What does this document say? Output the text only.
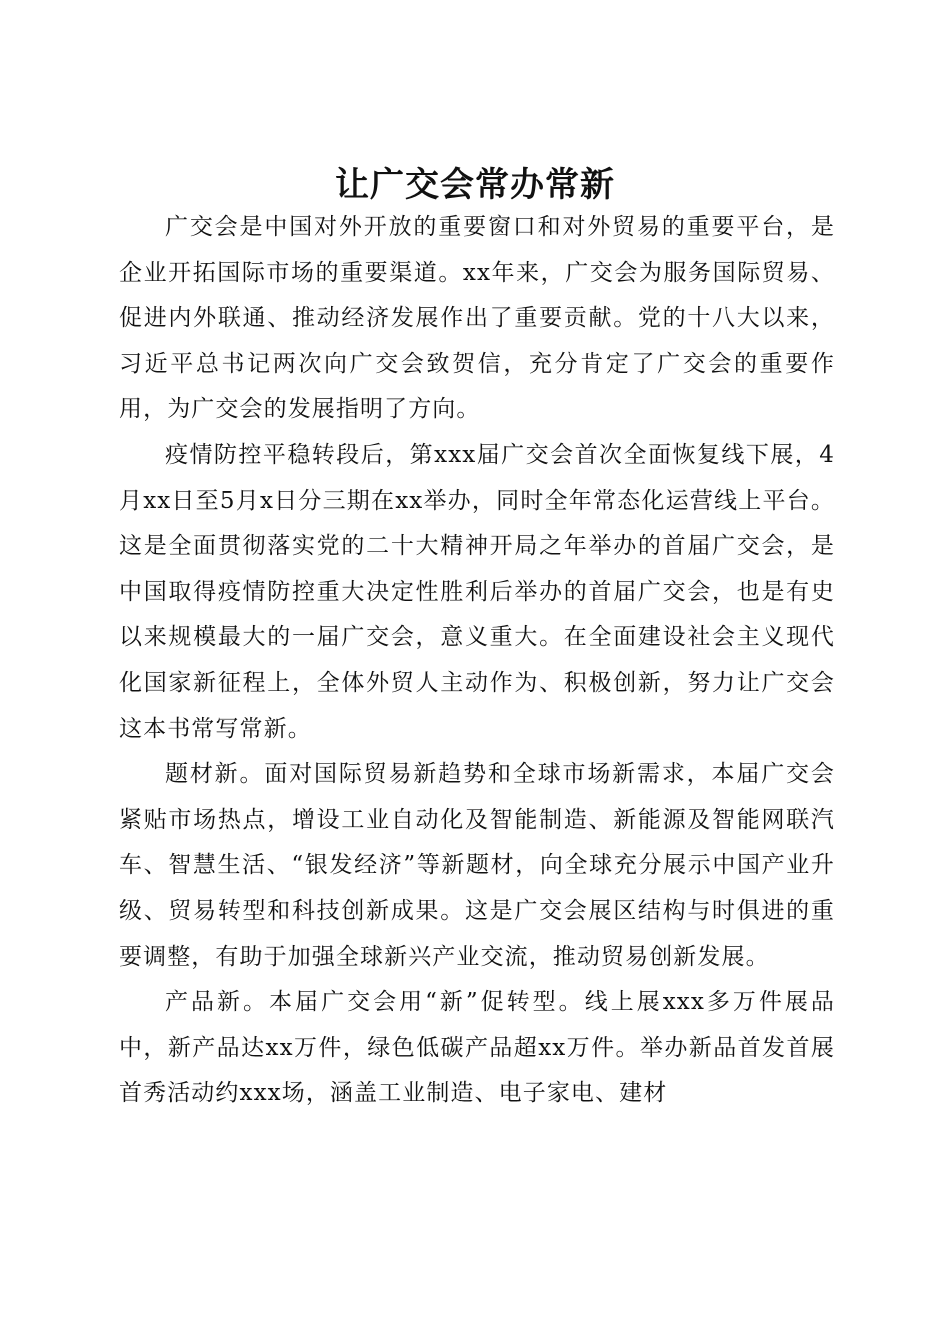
让广交会常办常新

广交会是中国对外开放的重要窗口和对外贸易的重要平台，是企业开拓国际市场的重要渠道。xx年来，广交会为服务国际贸易、促进内外联通、推动经济发展作出了重要贡献。党的十八大以来，习近平总书记两次向广交会致贺信，充分肯定了广交会的重要作用，为广交会的发展指明了方向。

疫情防控平稳转段后，第xxx届广交会首次全面恢复线下展，4月xx日至5月x日分三期在xx举办，同时全年常态化运营线上平台。这是全面贯彻落实党的二十大精神开局之年举办的首届广交会，是中国取得疫情防控重大决定性胜利后举办的首届广交会，也是有史以来规模最大的一届广交会，意义重大。在全面建设社会主义现代化国家新征程上，全体外贸人主动作为、积极创新，努力让广交会这本书常写常新。

题材新。面对国际贸易新趋势和全球市场新需求，本届广交会紧贴市场热点，增设工业自动化及智能制造、新能源及智能网联汽车、智慧生活、“银发经济”等新题材，向全球充分展示中国产业升级、贸易转型和科技创新成果。这是广交会展区结构与时俱进的重要调整，有助于加强全球新兴产业交流，推动贸易创新发展。

产品新。本届广交会用“新”促转型。线上展xxx多万件展品中，新产品达xx万件，绿色低碳产品超xx万件。举办新品首发首展首秀活动约xxx场，涵盖工业制造、电子家电、建材
